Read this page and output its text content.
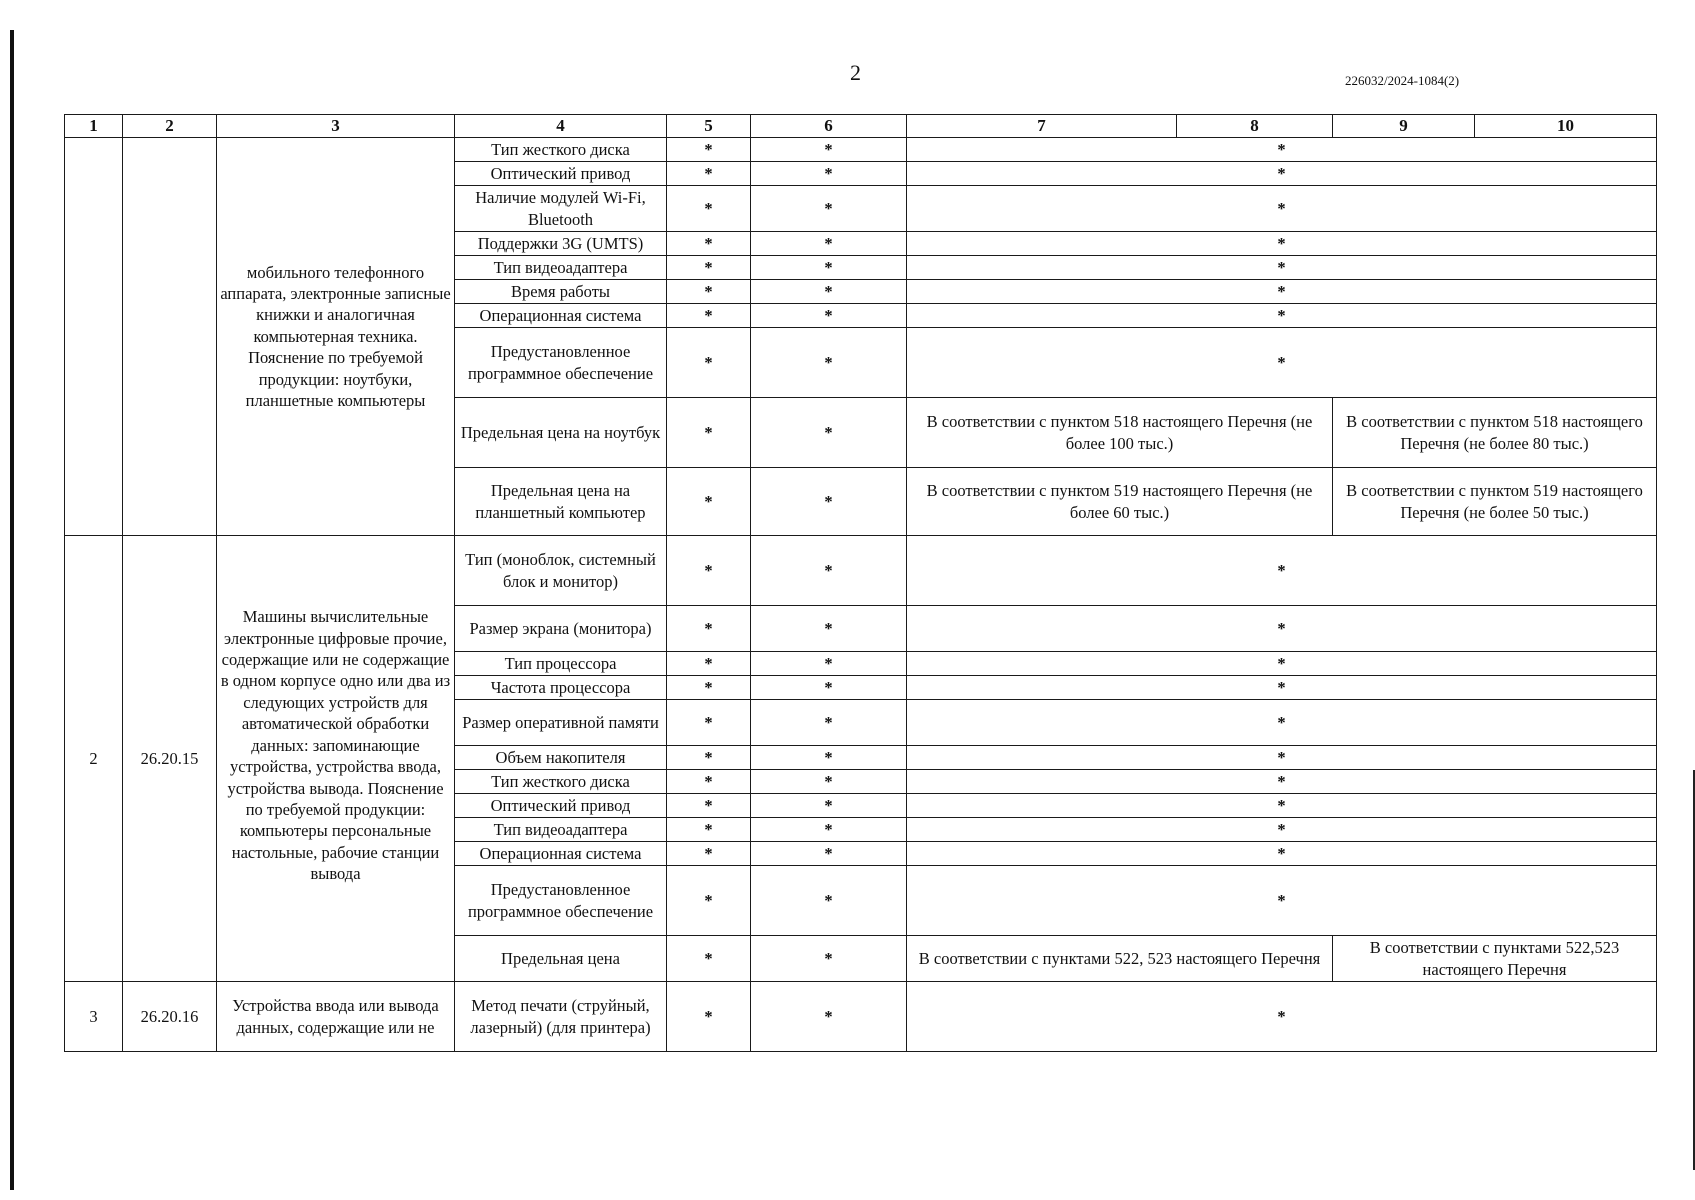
2	226032/2024-1084(2)
1	2	3	4	5	6	7	8	9	10
		мобильного телефонного аппарата, электронные записные книжки и аналогичная компьютерная техника. Пояснение по требуемой продукции: ноутбуки, планшетные компьютеры	Тип жесткого диска	*	*	*			
			Оптический привод	*	*	*			
			Наличие модулей Wi-Fi, Bluetooth	*	*	*			
			Поддержки 3G (UMTS)	*	*	*			
			Тип видеоадаптера	*	*	*			
			Время работы	*	*	*			
			Операционная система	*	*	*			
			Предустановленное программное обеспечение	*	*	*			
			Предельная цена на ноутбук	*	*	В соответствии с пунктом 518 настоящего Перечня (не более 100 тыс.)		В соответствии с пунктом 518 настоящего Перечня (не более 80 тыс.)	
			Предельная цена на планшетный компьютер	*	*	В соответствии с пунктом 519 настоящего Перечня (не более 60 тыс.)		В соответствии с пунктом 519 настоящего Перечня (не более 50 тыс.)	
2	26.20.15	Машины вычислительные электронные цифровые прочие, содержащие или не содержащие в одном корпусе одно или два из следующих устройств для автоматической обработки данных: запоминающие устройства, устройства ввода, устройства вывода. Пояснение по требуемой продукции: компьютеры персональные настольные, рабочие станции вывода	Тип (моноблок, системный блок и монитор)	*	*	*			
			Размер экрана (монитора)	*	*	*			
			Тип процессора	*	*	*			
			Частота процессора	*	*	*			
			Размер оперативной памяти	*	*	*			
			Объем накопителя	*	*	*			
			Тип жесткого диска	*	*	*			
			Оптический привод	*	*	*			
			Тип видеоадаптера	*	*	*			
			Операционная система	*	*	*			
			Предустановленное программное обеспечение	*	*	*			
			Предельная цена	*	*	В соответствии с пунктами 522, 523 настоящего Перечня		В соответствии с пунктами 522,523 настоящего Перечня	
3	26.20.16	Устройства ввода или вывода данных, содержащие или не	Метод печати (струйный, лазерный) (для принтера)	*	*	*			
